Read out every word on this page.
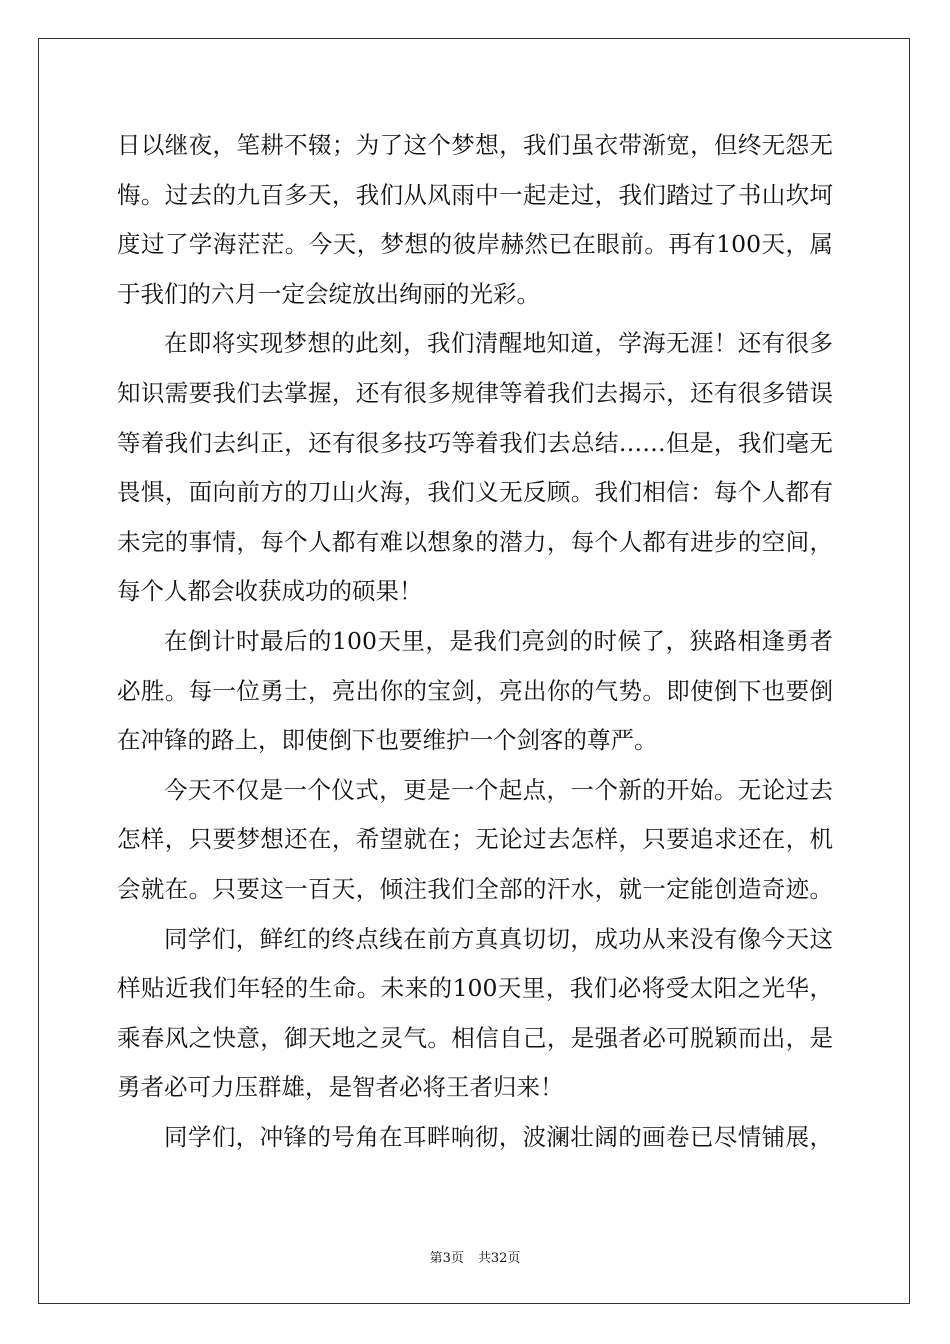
日以继夜，笔耕不辍；为了这个梦想，我们虽衣带渐宽，但终无怨无
悔。过去的九百多天，我们从风雨中一起走过，我们踏过了书山坎坷
度过了学海茫茫。今天，梦想的彼岸赫然已在眼前。再有100天，属
于我们的六月一定会绽放出绚丽的光彩。
在即将实现梦想的此刻，我们清醒地知道，学海无涯！还有很多
知识需要我们去掌握，还有很多规律等着我们去揭示，还有很多错误
等着我们去纠正，还有很多技巧等着我们去总结……但是，我们毫无
畏惧，面向前方的刀山火海，我们义无反顾。我们相信：每个人都有
未完的事情，每个人都有难以想象的潜力，每个人都有进步的空间，
每个人都会收获成功的硕果！
在倒计时最后的100天里，是我们亮剑的时候了，狭路相逢勇者
必胜。每一位勇士，亮出你的宝剑，亮出你的气势。即使倒下也要倒
在冲锋的路上，即使倒下也要维护一个剑客的尊严。
今天不仅是一个仪式，更是一个起点，一个新的开始。无论过去
怎样，只要梦想还在，希望就在；无论过去怎样，只要追求还在，机
会就在。只要这一百天，倾注我们全部的汗水，就一定能创造奇迹。
同学们，鲜红的终点线在前方真真切切，成功从来没有像今天这
样贴近我们年轻的生命。未来的100天里，我们必将受太阳之光华，
乘春风之快意，御天地之灵气。相信自己，是强者必可脱颖而出，是
勇者必可力压群雄，是智者必将王者归来！
同学们，冲锋的号角在耳畔响彻，波澜壮阔的画卷已尽情铺展，
第3页 共32页
